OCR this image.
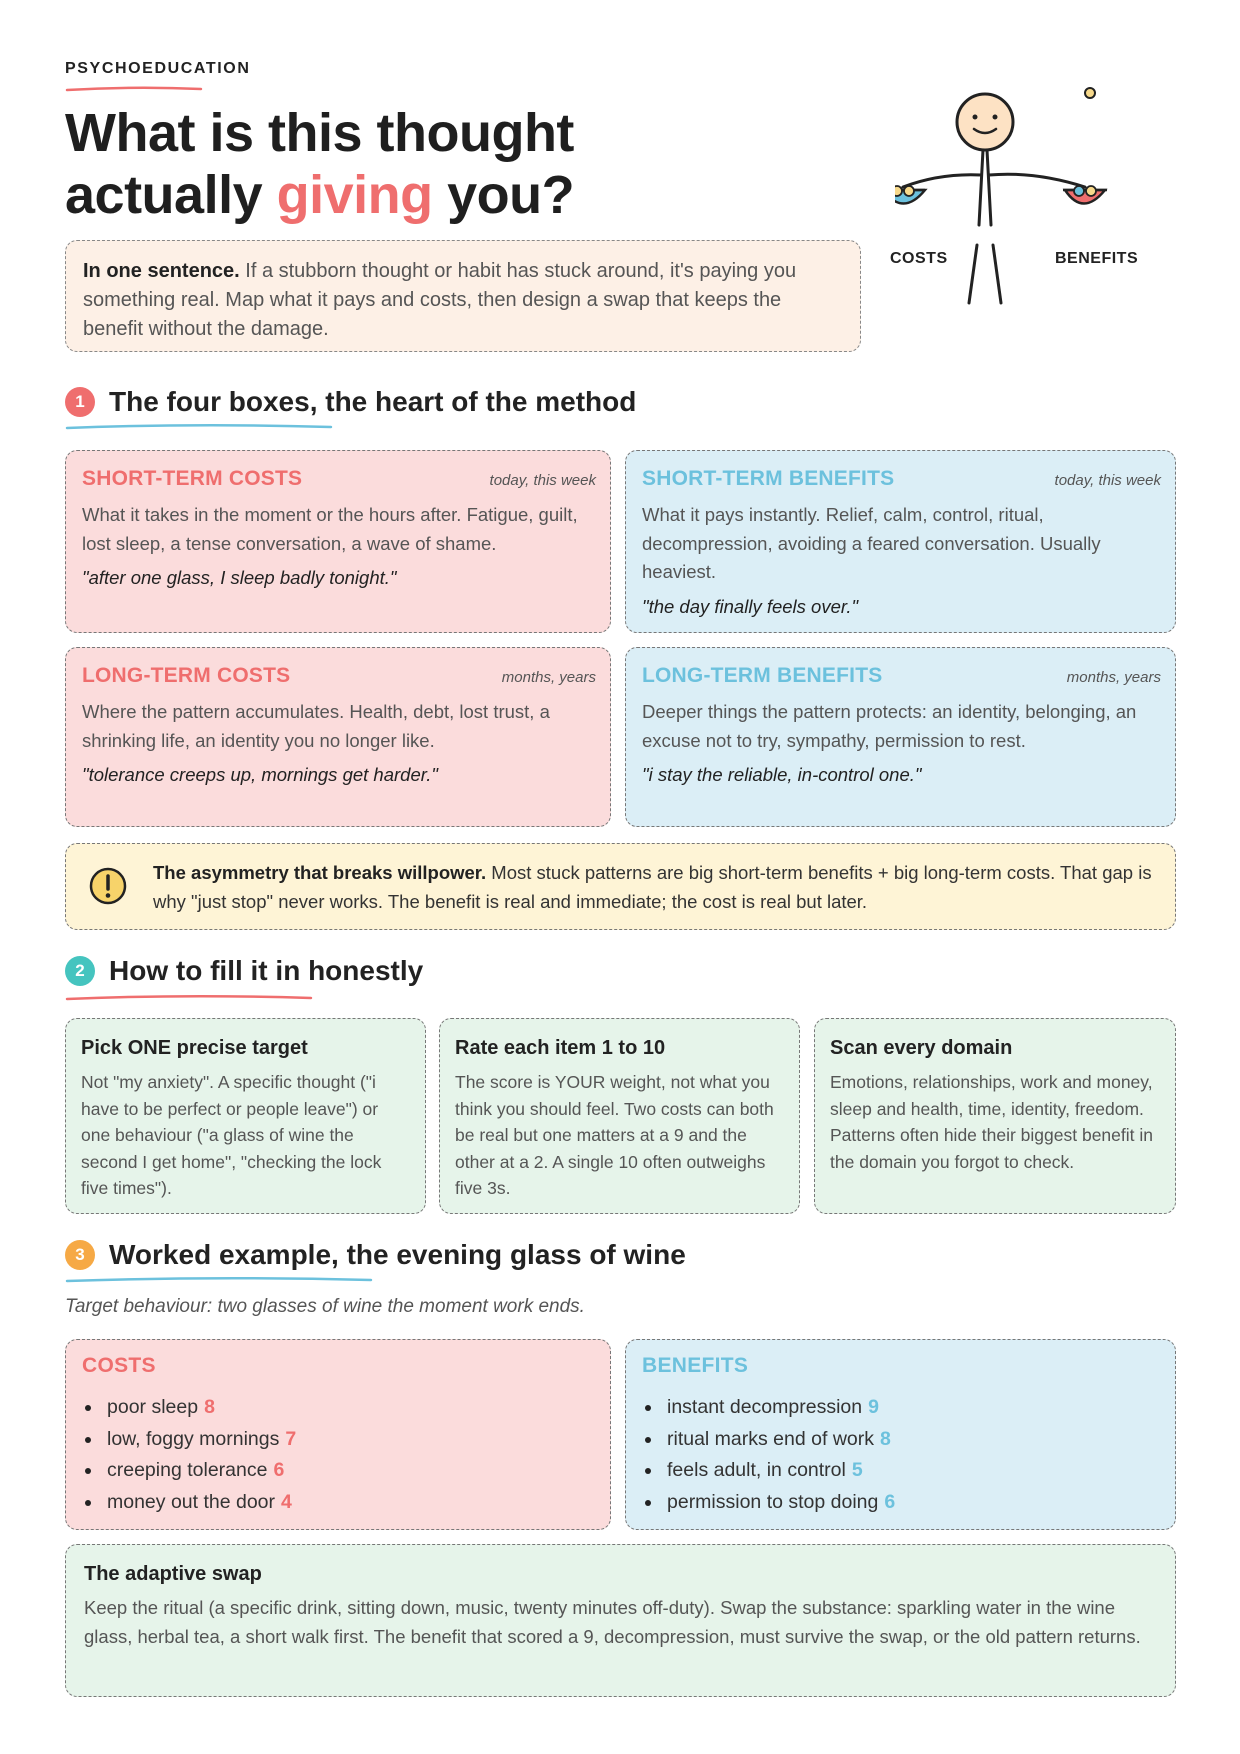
PSYCHOEDUCATION
What is this thought
actually giving you?
In one sentence. If a stubborn thought or habit has stuck around, it's paying you something real. Map what it pays and costs, then design a swap that keeps the benefit without the damage.
COSTS	BENEFITS
1 The four boxes, the heart of the method
SHORT-TERM COSTS	today, this week
What it takes in the moment or the hours after. Fatigue, guilt, lost sleep, a tense conversation, a wave of shame.
"after one glass, I sleep badly tonight."
SHORT-TERM BENEFITS	today, this week
What it pays instantly. Relief, calm, control, ritual, decompression, avoiding a feared conversation. Usually heaviest.
"the day finally feels over."
LONG-TERM COSTS	months, years
Where the pattern accumulates. Health, debt, lost trust, a shrinking life, an identity you no longer like.
"tolerance creeps up, mornings get harder."
LONG-TERM BENEFITS	months, years
Deeper things the pattern protects: an identity, belonging, an excuse not to try, sympathy, permission to rest.
"i stay the reliable, in-control one."
The asymmetry that breaks willpower. Most stuck patterns are big short-term benefits + big long-term costs. That gap is why "just stop" never works. The benefit is real and immediate; the cost is real but later.
2 How to fill it in honestly
Pick ONE precise target
Not "my anxiety". A specific thought ("i have to be perfect or people leave") or one behaviour ("a glass of wine the second I get home", "checking the lock five times").
Rate each item 1 to 10
The score is YOUR weight, not what you think you should feel. Two costs can both be real but one matters at a 9 and the other at a 2. A single 10 often outweighs five 3s.
Scan every domain
Emotions, relationships, work and money, sleep and health, time, identity, freedom. Patterns often hide their biggest benefit in the domain you forgot to check.
3 Worked example, the evening glass of wine
Target behaviour: two glasses of wine the moment work ends.
COSTS
poor sleep 8
low, foggy mornings 7
creeping tolerance 6
money out the door 4
BENEFITS
instant decompression 9
ritual marks end of work 8
feels adult, in control 5
permission to stop doing 6
The adaptive swap
Keep the ritual (a specific drink, sitting down, music, twenty minutes off-duty). Swap the substance: sparkling water in the wine glass, herbal tea, a short walk first. The benefit that scored a 9, decompression, must survive the swap, or the old pattern returns.
